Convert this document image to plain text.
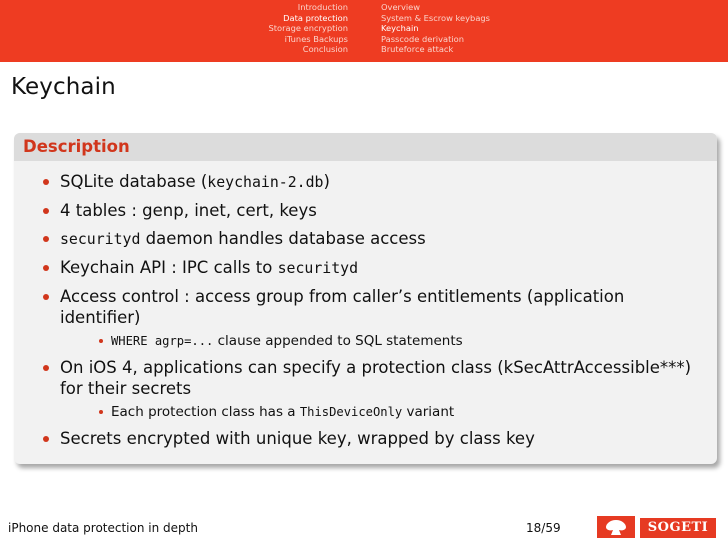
Introduction
Data protection
Storage encryption
iTunes Backups
Conclusion
Overview
System & Escrow keybags
Keychain
Passcode derivation
Bruteforce attack
Keychain
Description
SQLite database (keychain-2.db)
4 tables : genp, inet, cert, keys
securityd daemon handles database access
Keychain API : IPC calls to securityd
Access control : access group from caller’s entitlements (application identifier)
WHERE agrp=... clause appended to SQL statements
On iOS 4, applications can specify a protection class (kSecAttrAccessible***) for their secrets
Each protection class has a ThisDeviceOnly variant
Secrets encrypted with unique key, wrapped by class key
iPhone data protection in depth	18/59	SOGETI
